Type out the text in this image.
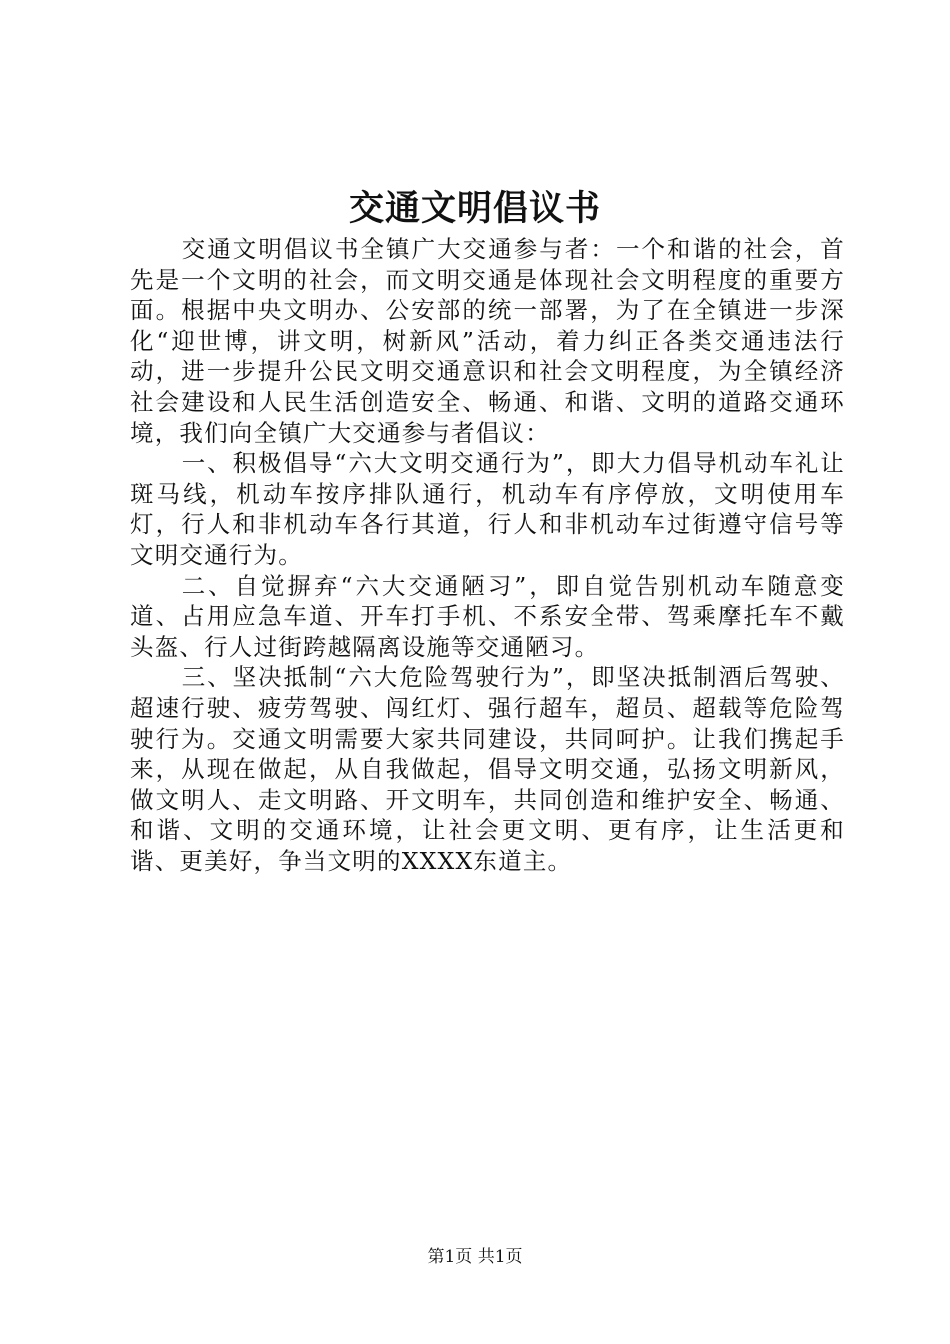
交通文明倡议书

交通文明倡议书全镇广大交通参与者：一个和谐的社会，首先是一个文明的社会，而文明交通是体现社会文明程度的重要方面。根据中央文明办、公安部的统一部署，为了在全镇进一步深化“迎世博，讲文明，树新风”活动，着力纠正各类交通违法行动，进一步提升公民文明交通意识和社会文明程度，为全镇经济社会建设和人民生活创造安全、畅通、和谐、文明的道路交通环境，我们向全镇广大交通参与者倡议：

一、积极倡导“六大文明交通行为”，即大力倡导机动车礼让斑马线，机动车按序排队通行，机动车有序停放，文明使用车灯，行人和非机动车各行其道，行人和非机动车过街遵守信号等文明交通行为。

二、自觉摒弃“六大交通陋习”，即自觉告别机动车随意变道、占用应急车道、开车打手机、不系安全带、驾乘摩托车不戴头盔、行人过街跨越隔离设施等交通陋习。

三、坚决抵制“六大危险驾驶行为”，即坚决抵制酒后驾驶、超速行驶、疲劳驾驶、闯红灯、强行超车，超员、超载等危险驾驶行为。交通文明需要大家共同建设，共同呵护。让我们携起手来，从现在做起，从自我做起，倡导文明交通，弘扬文明新风，做文明人、走文明路、开文明车，共同创造和维护安全、畅通、和谐、文明的交通环境，让社会更文明、更有序，让生活更和谐、更美好，争当文明的XXXX东道主。

第1页 共1页
